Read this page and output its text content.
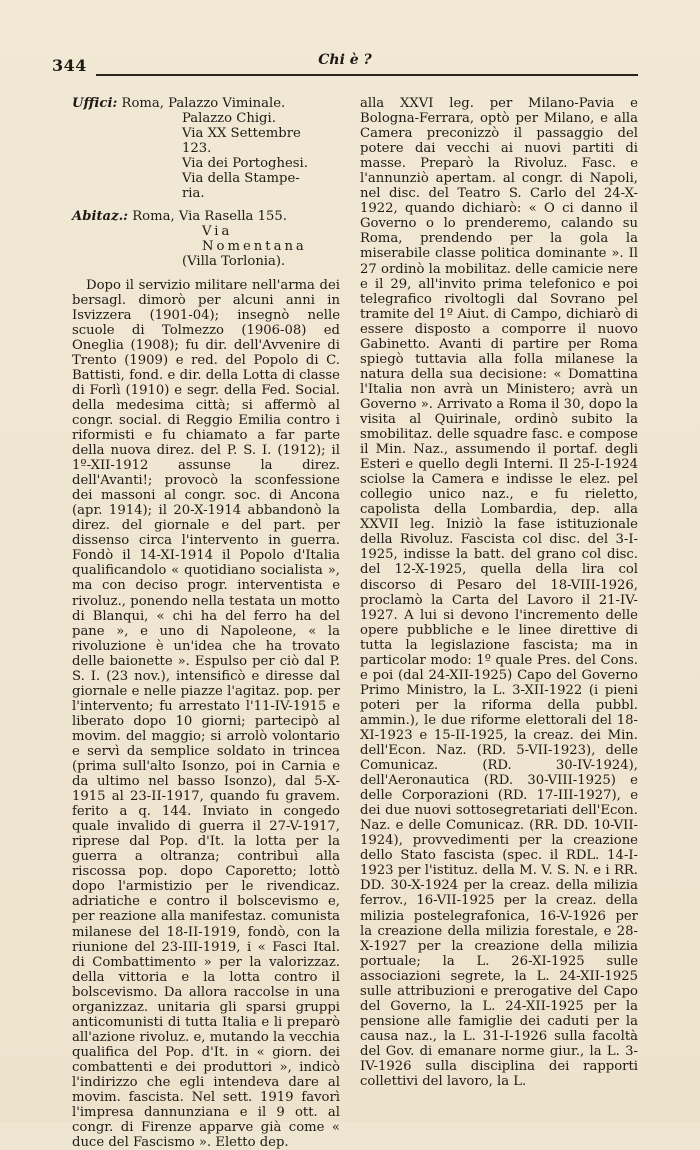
344	Chi è ?
Uffici: Roma, Palazzo Viminale.
Palazzo Chigi.
Via XX Settembre
123.
Via dei Portoghesi.
Via della Stampe-
ria.
Abitaz.: Roma, Via Rasella 155.
Via Nomentana
(Villa Torlonia).

Dopo il servizio militare nell'arma dei bersagl. dimorò per alcuni anni in Isvizzera (1901-04); insegnò nelle scuole di Tolmezzo (1906-08) ed Oneglia (1908); fu dir. dell'Avvenire di Trento (1909) e red. del Popolo di C. Battisti, fond. e dir. della Lotta di classe di Forlì (1910) e segr. della Fed. Social. della medesima città; si affermò al congr. social. di Reggio Emilia contro i riformisti e fu chiamato a far parte della nuova direz. del P. S. I. (1912); il 1º-XII-1912 assunse la direz. dell'Avanti!; provocò la sconfessione dei massoni al congr. soc. di Ancona (apr. 1914); il 20-X-1914 abbandonò la direz. del giornale e del part. per dissenso circa l'intervento in guerra. Fondò il 14-XI-1914 il Popolo d'Italia qualificandolo « quotidiano socialista », ma con deciso progr. interventista e rivoluz., ponendo nella testata un motto di Blanqui, « chi ha del ferro ha del pane », e uno di Napoleone, « la rivoluzione è un'idea che ha trovato delle baionette ». Espulso per ciò dal P. S. I. (23 nov.), intensificò e diresse dal giornale e nelle piazze l'agitaz. pop. per l'intervento; fu arrestato l'11-IV-1915 e liberato dopo 10 giorni; partecipò al movim. del maggio; si arrolò volontario e servì da semplice soldato in trincea (prima sull'alto Isonzo, poi in Carnia e da ultimo nel basso Isonzo), dal 5-X-1915 al 23-II-1917, quando fu gravem. ferito a q. 144. Inviato in congedo quale invalido di guerra il 27-V-1917, riprese dal Pop. d'It. la lotta per la guerra a oltranza; contribuì alla riscossa pop. dopo Caporetto; lottò dopo l'armistizio per le rivendicaz. adriatiche e contro il bolscevismo e, per reazione alla manifestaz. comunista milanese del 18-II-1919, fondò, con la riunione del 23-III-1919, i « Fasci Ital. di Combattimento » per la valorizzaz. della vittoria e la lotta contro il bolscevismo. Da allora raccolse in una organizzaz. unitaria gli sparsi gruppi anticomunisti di tutta Italia e li preparò all'azione rivoluz. e, mutando la vecchia qualifica del Pop. d'It. in « giorn. dei combattenti e dei produttori », indicò l'indirizzo che egli intendeva dare al movim. fascista. Nel sett. 1919 favorì l'impresa dannunziana e il 9 ott. al congr. di Firenze apparve già come « duce del Fascismo ». Eletto dep.

alla XXVI leg. per Milano-Pavia e Bologna-Ferrara, optò per Milano, e alla Camera preconizzò il passaggio del potere dai vecchi ai nuovi partiti di masse. Preparò la Rivoluz. Fasc. e l'annunziò apertam. al congr. di Napoli, nel disc. del Teatro S. Carlo del 24-X-1922, quando dichiarò: « O ci danno il Governo o lo prenderemo, calando su Roma, prendendo per la gola la miserabile classe politica dominante ». Il 27 ordinò la mobilitaz. delle camicie nere e il 29, all'invito prima telefonico e poi telegrafico rivoltogli dal Sovrano pel tramite del 1º Aiut. di Campo, dichiarò di essere disposto a comporre il nuovo Gabinetto. Avanti di partire per Roma spiegò tuttavia alla folla milanese la natura della sua decisione: « Domattina l'Italia non avrà un Ministero; avrà un Governo ». Arrivato a Roma il 30, dopo la visita al Quirinale, ordinò subito la smobilitaz. delle squadre fasc. e compose il Min. Naz., assumendo il portaf. degli Esteri e quello degli Interni. Il 25-I-1924 sciolse la Camera e indisse le elez. pel collegio unico naz., e fu rieletto, capolista della Lombardia, dep. alla XXVII leg. Iniziò la fase istituzionale della Rivoluz. Fascista col disc. del 3-I-1925, indisse la batt. del grano col disc. del 12-X-1925, quella della lira col discorso di Pesaro del 18-VIII-1926, proclamò la Carta del Lavoro il 21-IV-1927. A lui si devono l'incremento delle opere pubbliche e le linee direttive di tutta la legislazione fascista; ma in particolar modo: 1º quale Pres. del Cons. e poi (dal 24-XII-1925) Capo del Governo Primo Ministro, la L. 3-XII-1922 (i pieni poteri per la riforma della pubbl. ammin.), le due riforme elettorali del 18-XI-1923 e 15-II-1925, la creaz. dei Min. dell'Econ. Naz. (RD. 5-VII-1923), delle Comunicaz. (RD. 30-IV-1924), dell'Aeronautica (RD. 30-VIII-1925) e delle Corporazioni (RD. 17-III-1927), e dei due nuovi sottosegretariati dell'Econ. Naz. e delle Comunicaz. (RR. DD. 10-VII-1924), provvedimenti per la creazione dello Stato fascista (spec. il RDL. 14-I-1923 per l'istituz. della M. V. S. N. e i RR. DD. 30-X-1924 per la creaz. della milizia ferrov., 16-VII-1925 per la creaz. della milizia postelegrafonica, 16-V-1926 per la creazione della milizia forestale, e 28-X-1927 per la creazione della milizia portuale; la L. 26-XI-1925 sulle associazioni segrete, la L. 24-XII-1925 sulle attribuzioni e prerogative del Capo del Governo, la L. 24-XII-1925 per la pensione alle famiglie dei caduti per la causa naz., la L. 31-I-1926 sulla facoltà del Gov. di emanare norme giur., la L. 3-IV-1926 sulla disciplina dei rapporti collettivi del lavoro, la L.
